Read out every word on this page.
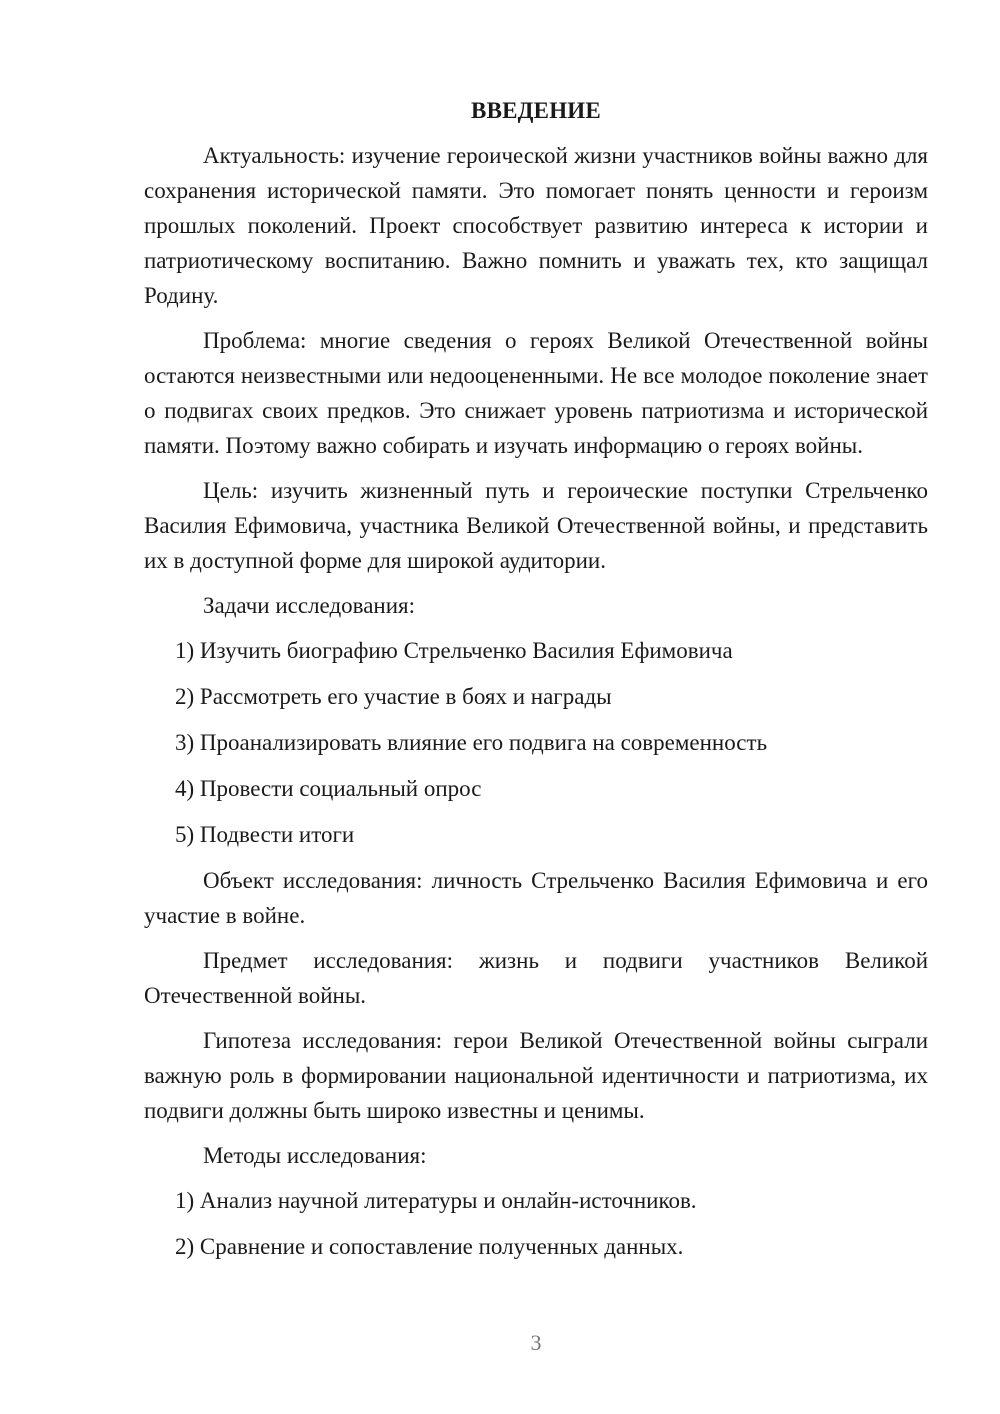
ВВЕДЕНИЕ

Актуальность: изучение героической жизни участников войны важно для сохранения исторической памяти. Это помогает понять ценности и героизм прошлых поколений. Проект способствует развитию интереса к истории и патриотическому воспитанию. Важно помнить и уважать тех, кто защищал Родину.

Проблема: многие сведения о героях Великой Отечественной войны остаются неизвестными или недооцененными. Не все молодое поколение знает о подвигах своих предков. Это снижает уровень патриотизма и исторической памяти. Поэтому важно собирать и изучать информацию о героях войны.

Цель: изучить жизненный путь и героические поступки Стрельченко Василия Ефимовича, участника Великой Отечественной войны, и представить их в доступной форме для широкой аудитории.

Задачи исследования:
1) Изучить биографию Стрельченко Василия Ефимовича
2) Рассмотреть его участие в боях и награды
3) Проанализировать влияние его подвига на современность
4) Провести социальный опрос
5) Подвести итоги

Объект исследования: личность Стрельченко Василия Ефимовича и его участие в войне.

Предмет исследования: жизнь и подвиги участников Великой Отечественной войны.

Гипотеза исследования: герои Великой Отечественной войны сыграли важную роль в формировании национальной идентичности и патриотизма, их подвиги должны быть широко известны и ценимы.

Методы исследования:
1) Анализ научной литературы и онлайн-источников.
2) Сравнение и сопоставление полученных данных.
3
